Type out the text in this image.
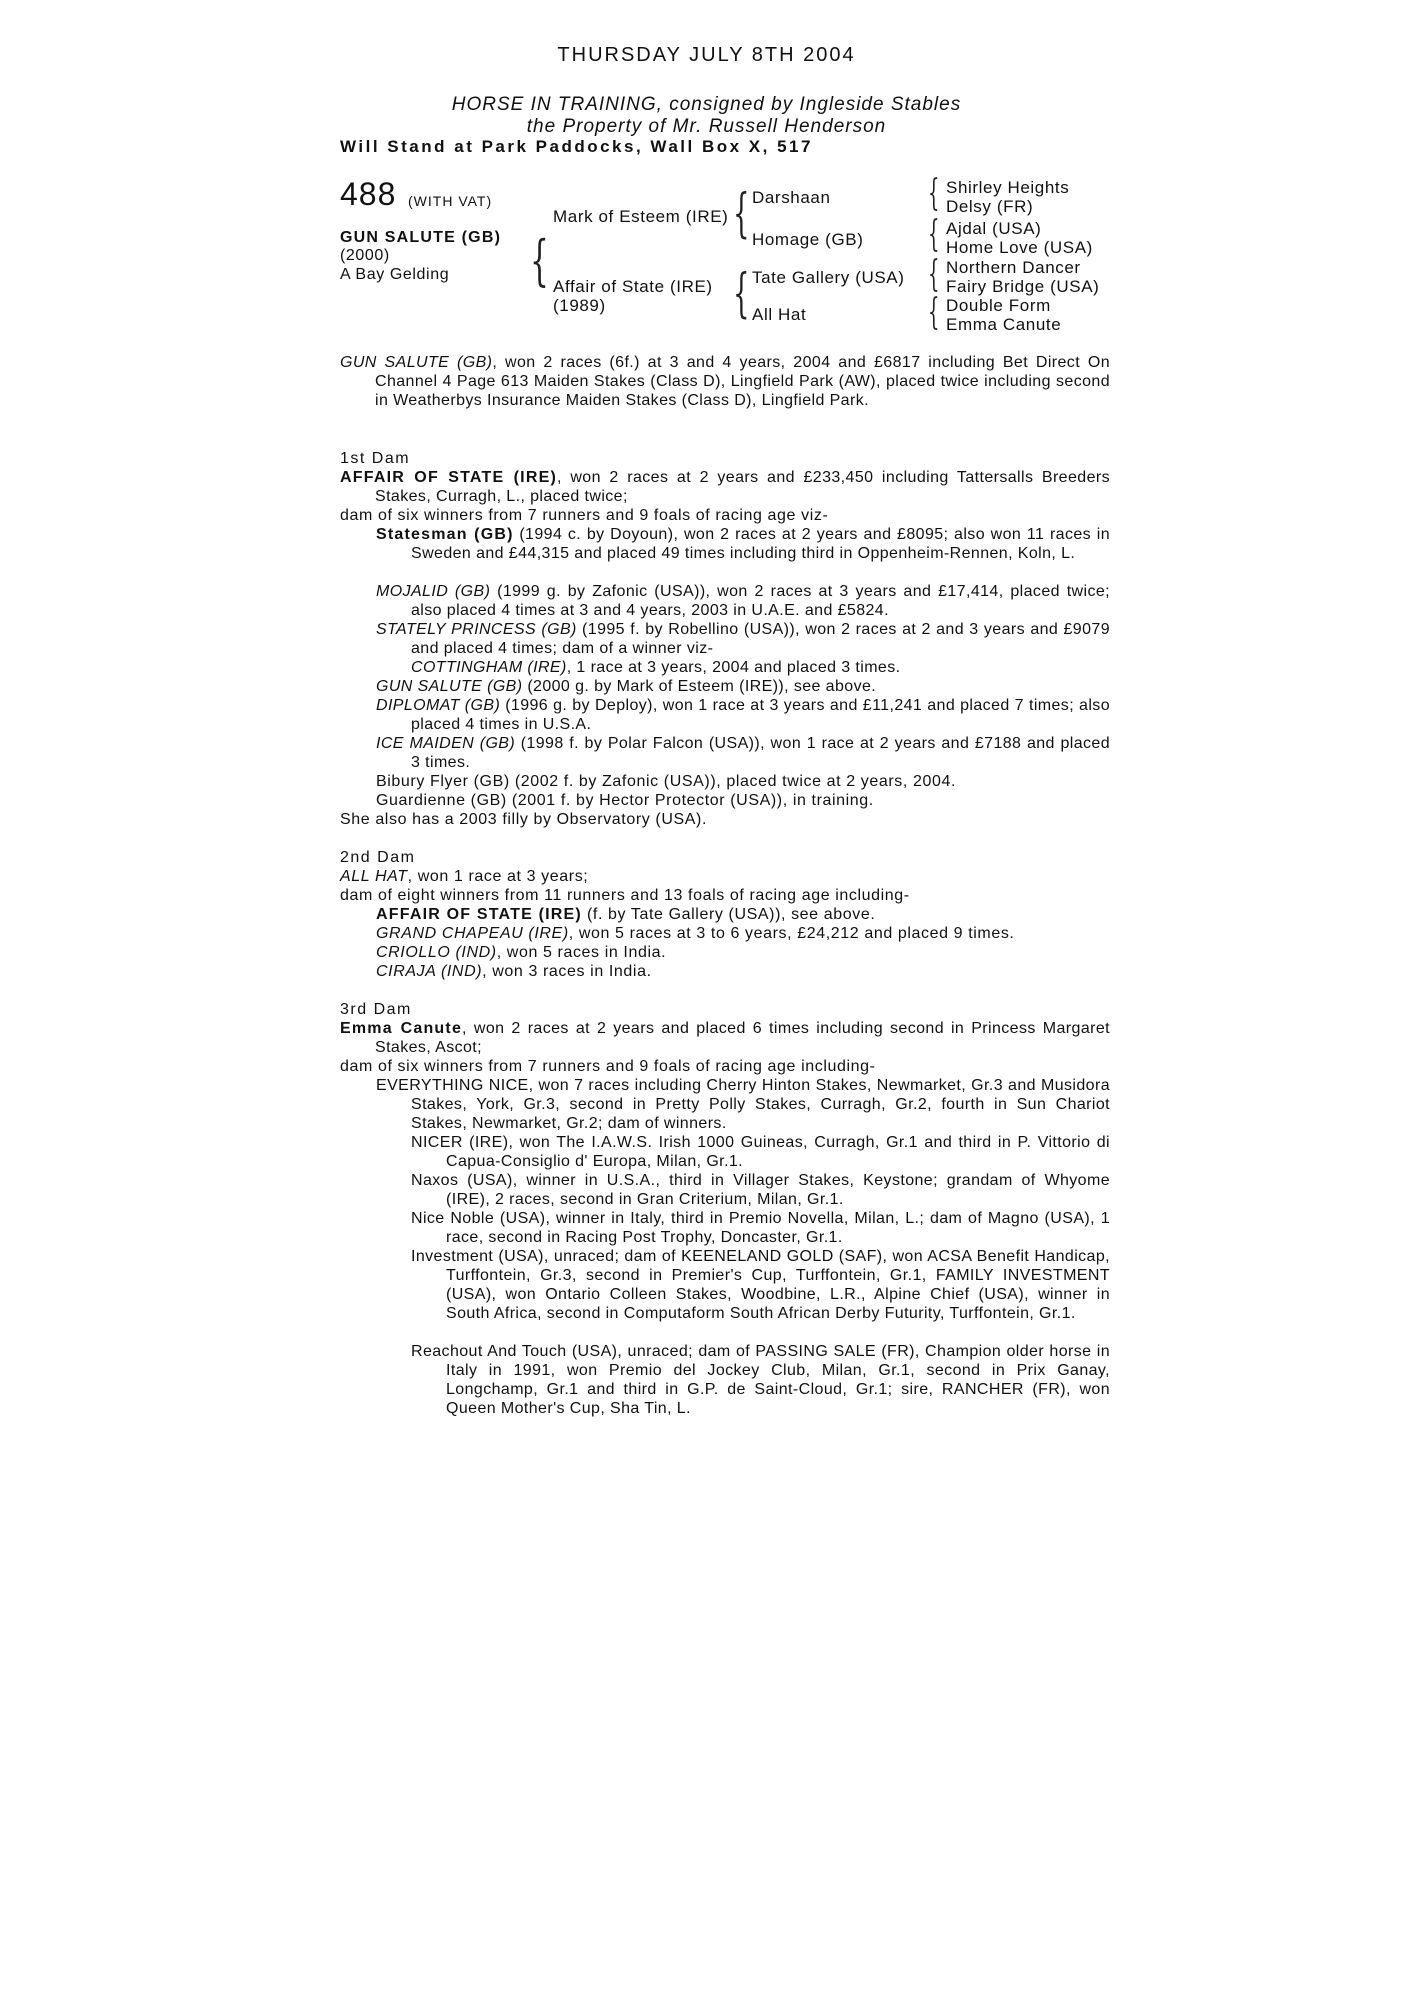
THURSDAY JULY 8TH 2004
HORSE IN TRAINING, consigned by Ingleside Stables
the Property of Mr. Russell Henderson
Will Stand at Park Paddocks, Wall Box X, 517
488 (WITH VAT)
GUN SALUTE (GB)
(2000)
A Bay Gelding {
Mark of Esteem (IRE)
Affair of State (IRE)
(1989)
{
{
Darshaan
Homage (GB)
Tate Gallery (USA)
All Hat
{
{
{
{
Shirley Heights
Delsy (FR)
Ajdal (USA)
Home Love (USA)
Northern Dancer
Fairy Bridge (USA)
Double Form
Emma Canute
GUN SALUTE (GB), won 2 races (6f.) at 3 and 4 years, 2004 and £6817 including Bet Direct On Channel 4 Page 613 Maiden Stakes (Class D), Lingfield Park (AW), placed twice including second in Weatherbys Insurance Maiden Stakes (Class D), Lingfield Park.
1st Dam
AFFAIR OF STATE (IRE), won 2 races at 2 years and £233,450 including Tattersalls Breeders Stakes, Curragh, L., placed twice;
dam of six winners from 7 runners and 9 foals of racing age viz-
Statesman (GB) (1994 c. by Doyoun), won 2 races at 2 years and £8095; also won 11 races in Sweden and £44,315 and placed 49 times including third in Oppenheim-Rennen, Koln, L.
MOJALID (GB) (1999 g. by Zafonic (USA)), won 2 races at 3 years and £17,414, placed twice; also placed 4 times at 3 and 4 years, 2003 in U.A.E. and £5824.
STATELY PRINCESS (GB) (1995 f. by Robellino (USA)), won 2 races at 2 and 3 years and £9079 and placed 4 times; dam of a winner viz-
COTTINGHAM (IRE), 1 race at 3 years, 2004 and placed 3 times.
GUN SALUTE (GB) (2000 g. by Mark of Esteem (IRE)), see above.
DIPLOMAT (GB) (1996 g. by Deploy), won 1 race at 3 years and £11,241 and placed 7 times; also placed 4 times in U.S.A.
ICE MAIDEN (GB) (1998 f. by Polar Falcon (USA)), won 1 race at 2 years and £7188 and placed 3 times.
Bibury Flyer (GB) (2002 f. by Zafonic (USA)), placed twice at 2 years, 2004.
Guardienne (GB) (2001 f. by Hector Protector (USA)), in training.
She also has a 2003 filly by Observatory (USA).
2nd Dam
ALL HAT, won 1 race at 3 years;
dam of eight winners from 11 runners and 13 foals of racing age including-
AFFAIR OF STATE (IRE) (f. by Tate Gallery (USA)), see above.
GRAND CHAPEAU (IRE), won 5 races at 3 to 6 years, £24,212 and placed 9 times.
CRIOLLO (IND), won 5 races in India.
CIRAJA (IND), won 3 races in India.
3rd Dam
Emma Canute, won 2 races at 2 years and placed 6 times including second in Princess Margaret Stakes, Ascot;
dam of six winners from 7 runners and 9 foals of racing age including-
EVERYTHING NICE, won 7 races including Cherry Hinton Stakes, Newmarket, Gr.3 and Musidora Stakes, York, Gr.3, second in Pretty Polly Stakes, Curragh, Gr.2, fourth in Sun Chariot Stakes, Newmarket, Gr.2; dam of winners.
NICER (IRE), won The I.A.W.S. Irish 1000 Guineas, Curragh, Gr.1 and third in P. Vittorio di Capua-Consiglio d' Europa, Milan, Gr.1.
Naxos (USA), winner in U.S.A., third in Villager Stakes, Keystone; grandam of Whyome (IRE), 2 races, second in Gran Criterium, Milan, Gr.1.
Nice Noble (USA), winner in Italy, third in Premio Novella, Milan, L.; dam of Magno (USA), 1 race, second in Racing Post Trophy, Doncaster, Gr.1.
Investment (USA), unraced; dam of KEENELAND GOLD (SAF), won ACSA Benefit Handicap, Turffontein, Gr.3, second in Premier's Cup, Turffontein, Gr.1, FAMILY INVESTMENT (USA), won Ontario Colleen Stakes, Woodbine, L.R., Alpine Chief (USA), winner in South Africa, second in Computaform South African Derby Futurity, Turffontein, Gr.1.
Reachout And Touch (USA), unraced; dam of PASSING SALE (FR), Champion older horse in Italy in 1991, won Premio del Jockey Club, Milan, Gr.1, second in Prix Ganay, Longchamp, Gr.1 and third in G.P. de Saint-Cloud, Gr.1; sire, RANCHER (FR), won Queen Mother's Cup, Sha Tin, L.
